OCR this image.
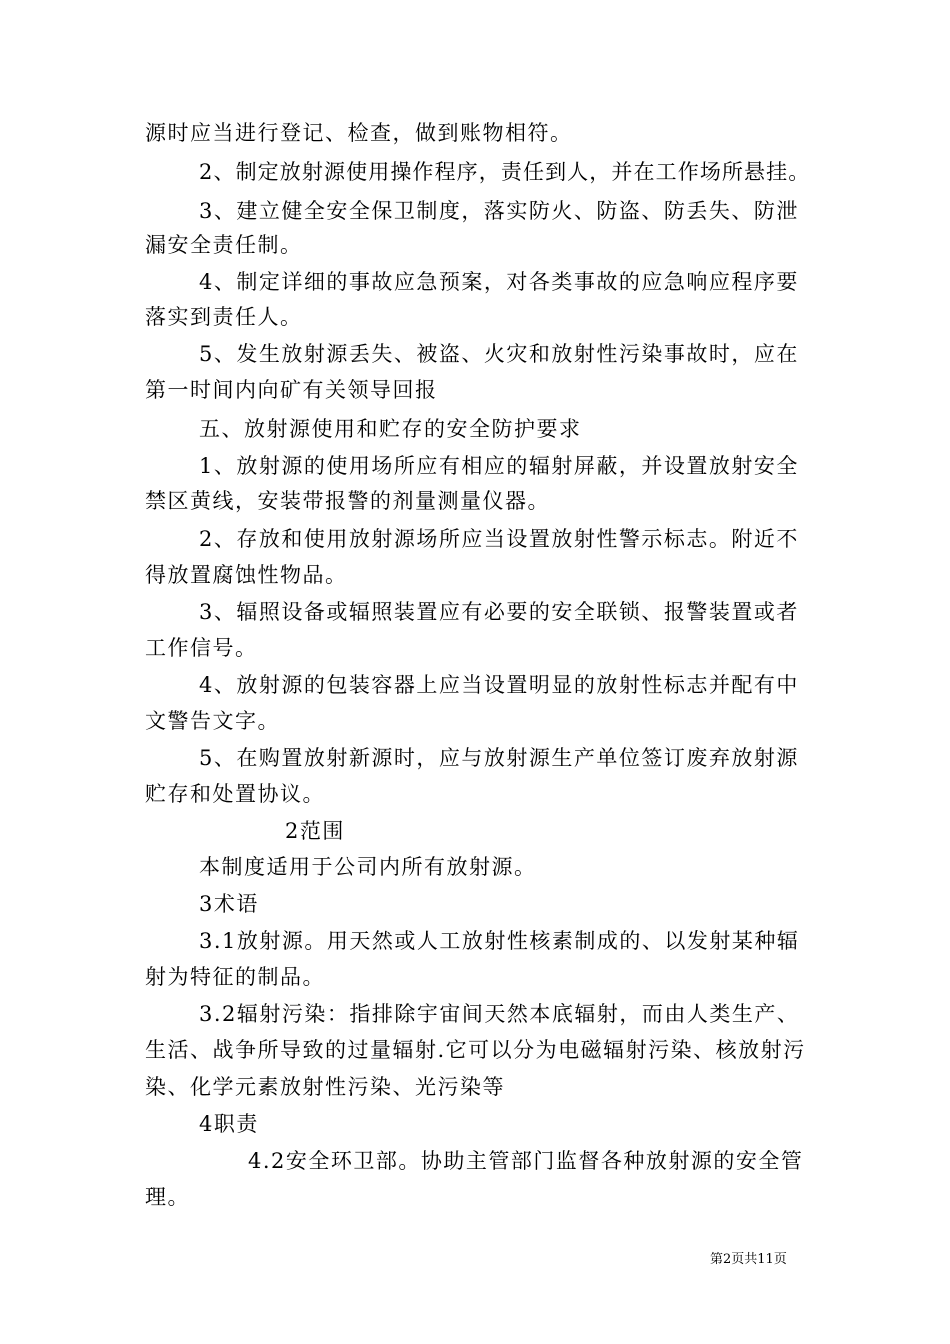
源时应当进行登记、检查，做到账物相符。
2、制定放射源使用操作程序，责任到人，并在工作场所悬挂。
3、建立健全安全保卫制度，落实防火、防盗、防丢失、防泄
漏安全责任制。
4、制定详细的事故应急预案，对各类事故的应急响应程序要
落实到责任人。
5、发生放射源丢失、被盗、火灾和放射性污染事故时，应在
第一时间内向矿有关领导回报
五、放射源使用和贮存的安全防护要求
1、放射源的使用场所应有相应的辐射屏蔽，并设置放射安全
禁区黄线，安装带报警的剂量测量仪器。
2、存放和使用放射源场所应当设置放射性警示标志。附近不
得放置腐蚀性物品。
3、辐照设备或辐照装置应有必要的安全联锁、报警装置或者
工作信号。
4、放射源的包装容器上应当设置明显的放射性标志并配有中
文警告文字。
5、在购置放射新源时，应与放射源生产单位签订废弃放射源
贮存和处置协议。
2范围
本制度适用于公司内所有放射源。
3术语
3.1放射源。用天然或人工放射性核素制成的、以发射某种辐
射为特征的制品。
3.2辐射污染：指排除宇宙间天然本底辐射，而由人类生产、
生活、战争所导致的过量辐射.它可以分为电磁辐射污染、核放射污
染、化学元素放射性污染、光污染等
4职责
4.2安全环卫部。协助主管部门监督各种放射源的安全管
理。
第2页共11页
